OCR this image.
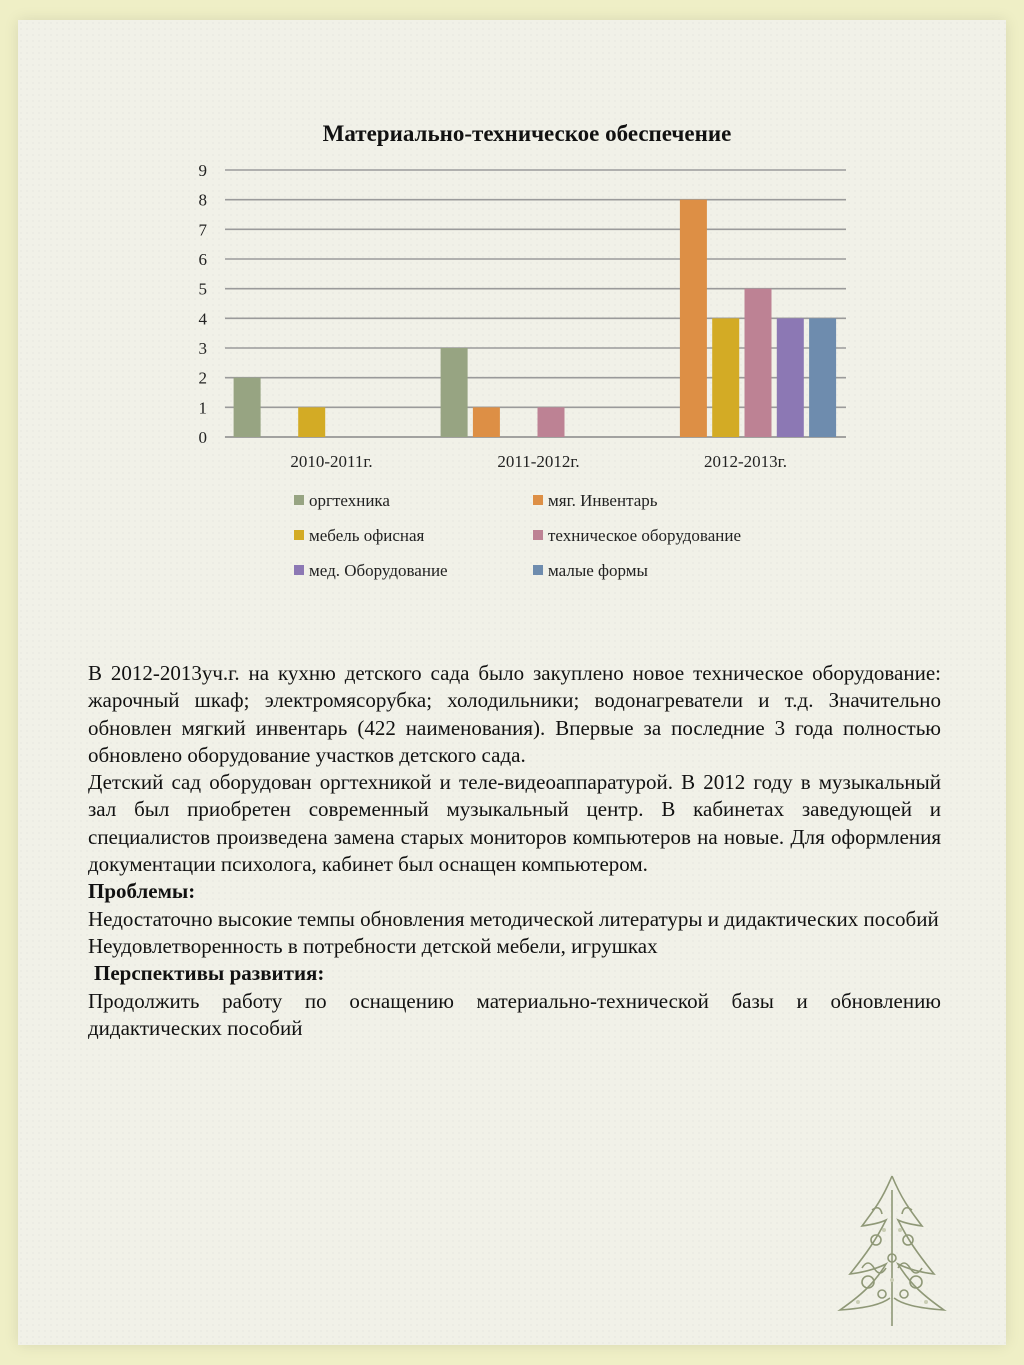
Материально-техническое обеспечение
0
1
2
3
4
5
6
7
8
9
2010-2011г.	2011-2012г.	2012-2013г.
оргтехника	мяг. Инвентарь
мебель офисная	техническое оборудование
мед. Оборудование	малые формы

В 2012-2013уч.г. на кухню детского сада было закуплено новое техническое оборудование: жарочный шкаф; электромясорубка; холодильники; водонагреватели и т.д. Значительно обновлен мягкий инвентарь (422 наименования). Впервые за последние 3 года полностью обновлено оборудование участков детского сада.

Детский сад оборудован оргтехникой и теле-видеоаппаратурой. В 2012 году в музыкальный зал был приобретен современный музыкальный центр. В кабинетах заведующей и специалистов произведена замена старых мониторов компьютеров на новые. Для оформления документации психолога, кабинет был оснащен компьютером.

Проблемы:

Недостаточно высокие темпы обновления методической литературы и дидактических пособий

Неудовлетворенность в потребности детской мебели, игрушках

Перспективы развития:

Продолжить работу по оснащению материально-технической базы и обновлению дидактических пособий
